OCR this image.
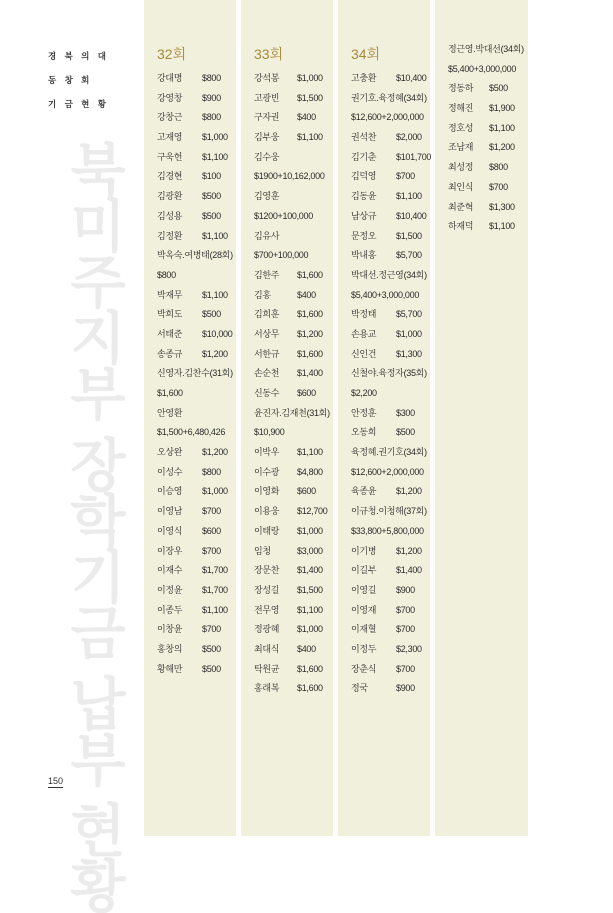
경 북 의 대
동 창 회
기 금 현 황
북미주지부 장학기금 납부 현황
32회
강대명 $800
강영창 $900
강창근 $800
고재영 $1,000
구욱헌 $1,100
김경현 $100
김광환 $500
김성용 $500
김정환 $1,100
박옥숙.여병태(28회)
$800
박재무 $1,100
박희도 $500
서태준 $10,000
송종규 $1,200
신영자.김찬수(31회)
$1,600
안영환
$1,500+6,480,426
오상완 $1,200
이성수 $800
이승영 $1,000
이영남 $700
이영식 $600
이장우 $700
이재수 $1,700
이정윤 $1,700
이종두 $1,100
이창윤 $700
홍창의 $500
황해만 $500
33회
강석봉 $1,000
고광빈 $1,500
구자권 $400
김부웅 $1,100
김수웅
$1900+10,162,000
김영훈
$1200+100,000
김유사
$700+100,000
김한주 $1,600
김홍	$400
김희훈 $1,600
서상무 $1,200
서한규 $1,600
손순천 $1,400
신동수 $600
윤진자.김재천(31회)
$10,900
이박우 $1,100
이수광 $4,800
이영화 $600
이용웅 $12,700
이태랑 $1,000
임청	$3,000
장문찬 $1,400
장성길 $1,500
전무영 $1,100
정광혜 $1,000
최대식 $400
탁원균 $1,600
홍래복 $1,600
34회
고충환 $10,400
권기호.육정혜(34회)
$12,600+2,000,000
권석찬 $2,000
김기춘 $101,700
김덕영 $700
김동윤 $1,100
남상규 $10,400
문정오 $1,500
박내홍 $5,700
박대선.정근영(34회)
$5,400+3,000,000
박정태 $5,700
손용교 $1,000
신인건 $1,300
신철야.육정자(35회)
$2,200
안정훈 $300
오동희 $500
육정혜.권기호(34회)
$12,600+2,000,000
육종윤 $1,200
이규청.이청해(37회)
$33,800+5,800,000
이기병 $1,200
이길부 $1,400
이영길 $900
이영재 $700
이재혈 $700
이정두 $2,300
장춘식 $700
정국	$900
정근영.박대선(34회)
$5,400+3,000,000
정동하 $500
정해진 $1,900
정호성 $1,100
조남재 $1,200
최성정 $800
최인식 $700
최준혁 $1,300
하재덕 $1,100
150
